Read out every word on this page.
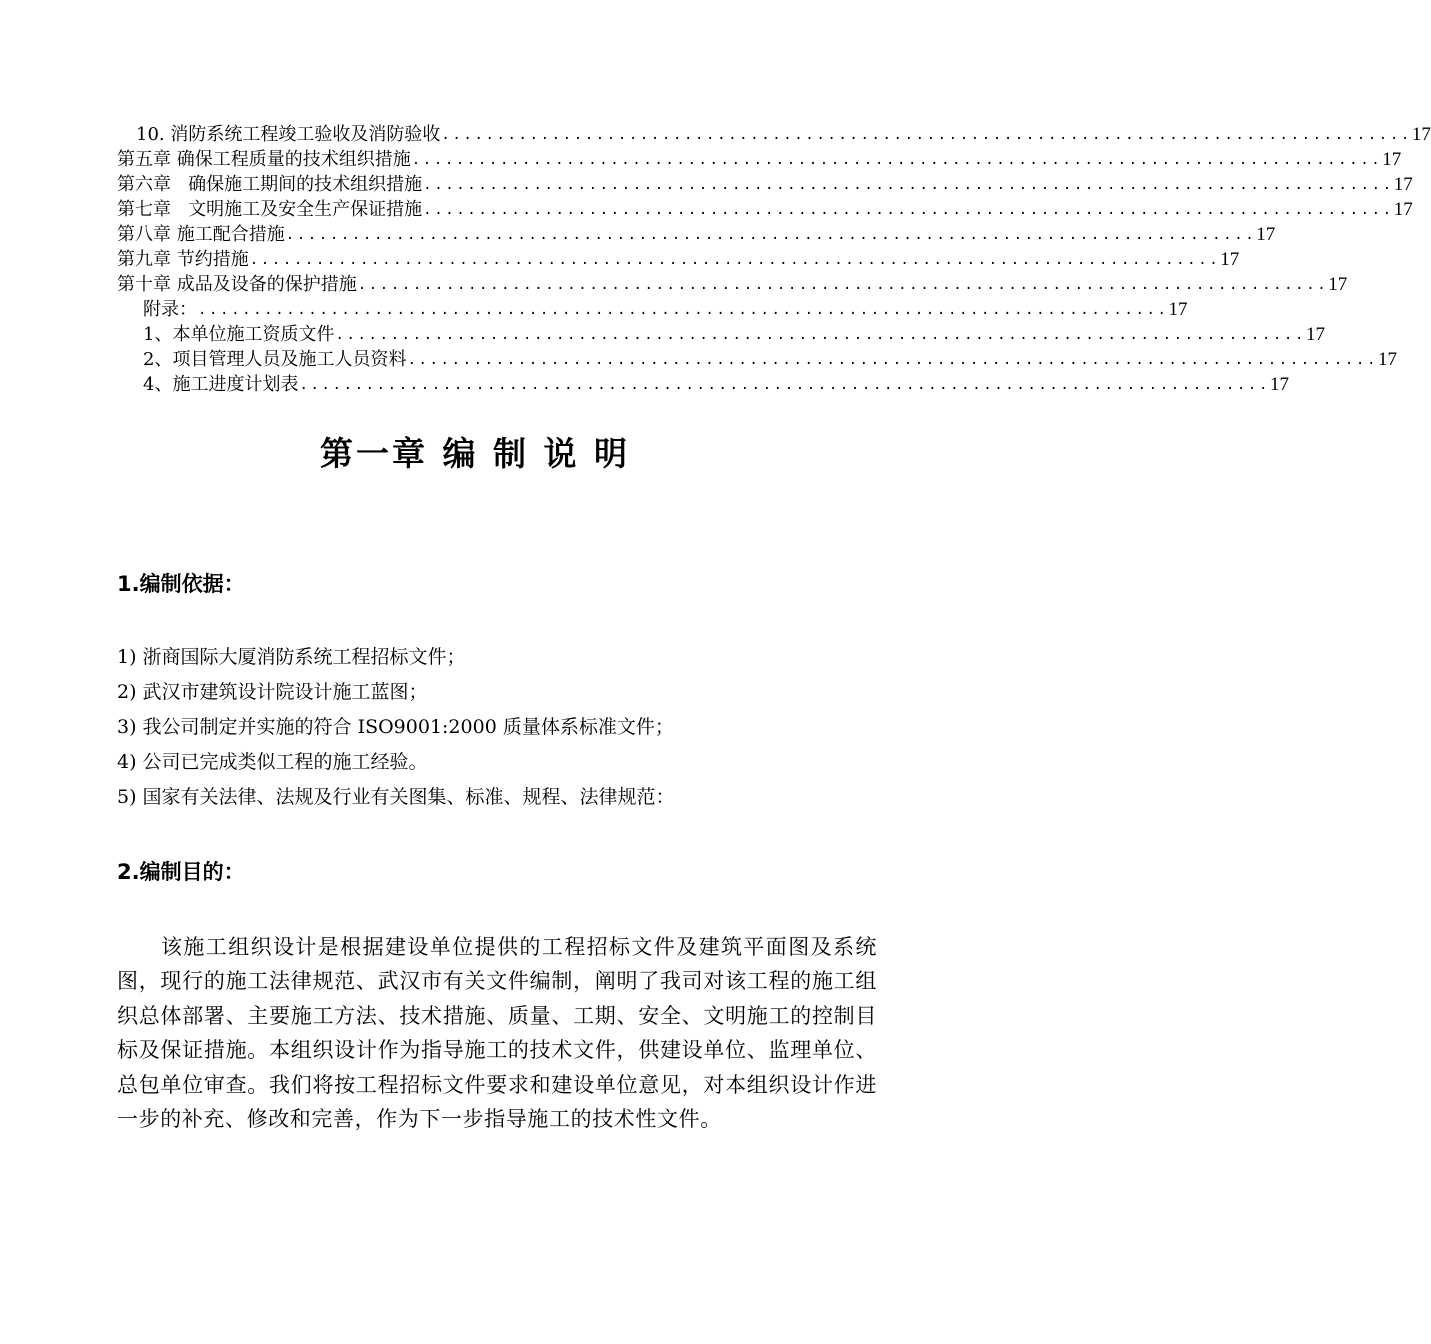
10. 消防系统工程竣工验收及消防验收 ........................................................................................ 17
第五章 确保工程质量的技术组织措施 ........................................................................................ 17
第六章   确保施工期间的技术组织措施 ........................................................................................ 17
第七章   文明施工及安全生产保证措施 ........................................................................................ 17
第八章 施工配合措施 ........................................................................................ 17
第九章 节约措施 ........................................................................................ 17
第十章 成品及设备的保护措施 ........................................................................................ 17
附录： ........................................................................................ 17
1、本单位施工资质文件 ........................................................................................ 17
2、项目管理人员及施工人员资料 ........................................................................................ 17
4、施工进度计划表 ........................................................................................ 17
第一章 编 制 说 明
1.编制依据：
1) 浙商国际大厦消防系统工程招标文件；
2) 武汉市建筑设计院设计施工蓝图；
3) 我公司制定并实施的符合 ISO9001:2000 质量体系标准文件；
4) 公司已完成类似工程的施工经验。
5) 国家有关法律、法规及行业有关图集、标准、规程、法律规范：
2.编制目的：

该施工组织设计是根据建设单位提供的工程招标文件及建筑平面图及系统图，现行的施工法律规范、武汉市有关文件编制，阐明了我司对该工程的施工组织总体部署、主要施工方法、技术措施、质量、工期、安全、文明施工的控制目标及保证措施。本组织设计作为指导施工的技术文件，供建设单位、监理单位、总包单位审查。我们将按工程招标文件要求和建设单位意见，对本组织设计作进一步的补充、修改和完善，作为下一步指导施工的技术性文件。
